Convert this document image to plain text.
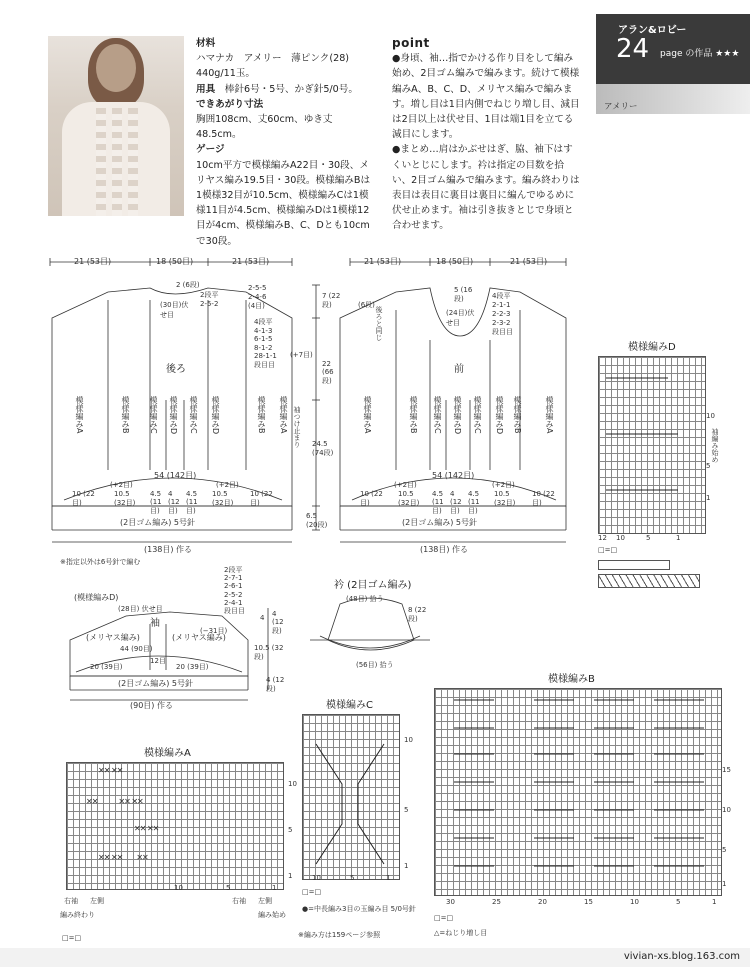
材料
ハマナカ　アメリー　薄ピンク(28) 440g/11玉。
用具　 棒針6号・5号、かぎ針5/0号。
できあがり寸法
胸囲108cm、丈60cm、ゆき丈48.5cm。
ゲージ
10cm平方で模様編みA22目・30段、メリヤス編み19.5目・30段。模様編みBは1模様32目が10.5cm、模様編みCは1模様11目が4.5cm、模様編みDは1模様12目が4cm、模様編みB、C、Dとも10cmで30段。
point
●身頃、袖…指でかける作り目をして編み始め、2目ゴム編みで編みます。続けて模様編みA、B、C、D、メリヤス編みで編みます。増し目は1目内側でねじり増し目、減目は2目以上は伏せ目、1目は端1目を立てる減目にします。
●まとめ…肩はかぶせはぎ、脇、袖下はすくいとじにします。衿は指定の目数を拾い、2目ゴム編みで編みます。編み終わりは表目は表目に裏目は裏目に編んでゆるめに伏せ止めます。袖は引き抜きとじで身頃と合わせます。
アラン&ロビー
24 page の作品 ★★★
アメリー
21 (53目)	18 (50目)	21 (53目)
2 (6段)
(30目)伏せ目
2段平
2-5-2
2-5-5
2-4-6
(4目)
4段平
4-1-3
6-1-5
8-1-2
28-1-1
段目目
後ろ
模様編みA	模様編みB 模様編みC 模様編みD 模様編みC 模様編みD	模様編みB 模様編みA
54 (142目)
(+2目)	(+2目)
10 (22目)
10.5 (32目)
4.5 (11目)
4 (12目)
4.5 (11目)
10.5 (32目)
10 (22目)
(2目ゴム編み) 5号針
(138目) 作る
※指定以外は6号針で編む
7 (22段)
(+7目)
22 (66段)
袖つけ止まり 24.5 (74段)
6.5 (20段)
21 (53目)	18 (50目)	21 (53目)
5 (16段)
(24目)伏せ目
(6段)
後ろと同じ
4段平
2-1-1
2-2-3
2-3-2
段目目
前
模様編みA	模様編みB 模様編みC 模様編みD 模様編みC 模様編みD 模様編みB	模様編みA
54 (142目)
(+2目)	(+2目)
10 (22目)
10.5 (32目)
4.5 (11目)
4 (12目)
4.5 (11目)
10.5 (32目)
10 (22目)
(2目ゴム編み) 5号針
(138目) 作る
2段平
2-7-1
2-6-1
2-5-2
2-4-1
段目目
(模様編みD)
(28目) 伏せ目
袖
(−31目)
(メリヤス編み)	(メリヤス編み)
44 (90目)
12目
20 (39目)	20 (39目)
(2目ゴム編み) 5号針
(90目) 作る
4 (12段)
10.5 (32段)
4 (12段)
4
衿 (2目ゴム編み)
(48目) 拾う
8 (22段)
(56目) 拾う
模様編みA
✕✕ ✕✕
✕✕　　　✕✕ ✕✕
✕✕ ✕✕
✕✕ ✕✕　　✕✕
10
5
1
10	5	1
右袖 左側
編み終わり
右袖 左側
編み始め
□=□
模様編みC
10
5
1
10	5	1
□=□
●=中長編み3目の玉編み目 5/0号針
※編み方は159ページ参照
模様編みB
15
10
5
1
30	25	20	15	10	5	1
□=□
△=ねじり増し目
模様編みD
袖編み始め
10
5
1
12 10	5	1
□=□
vivian-xs.blog.163.com
